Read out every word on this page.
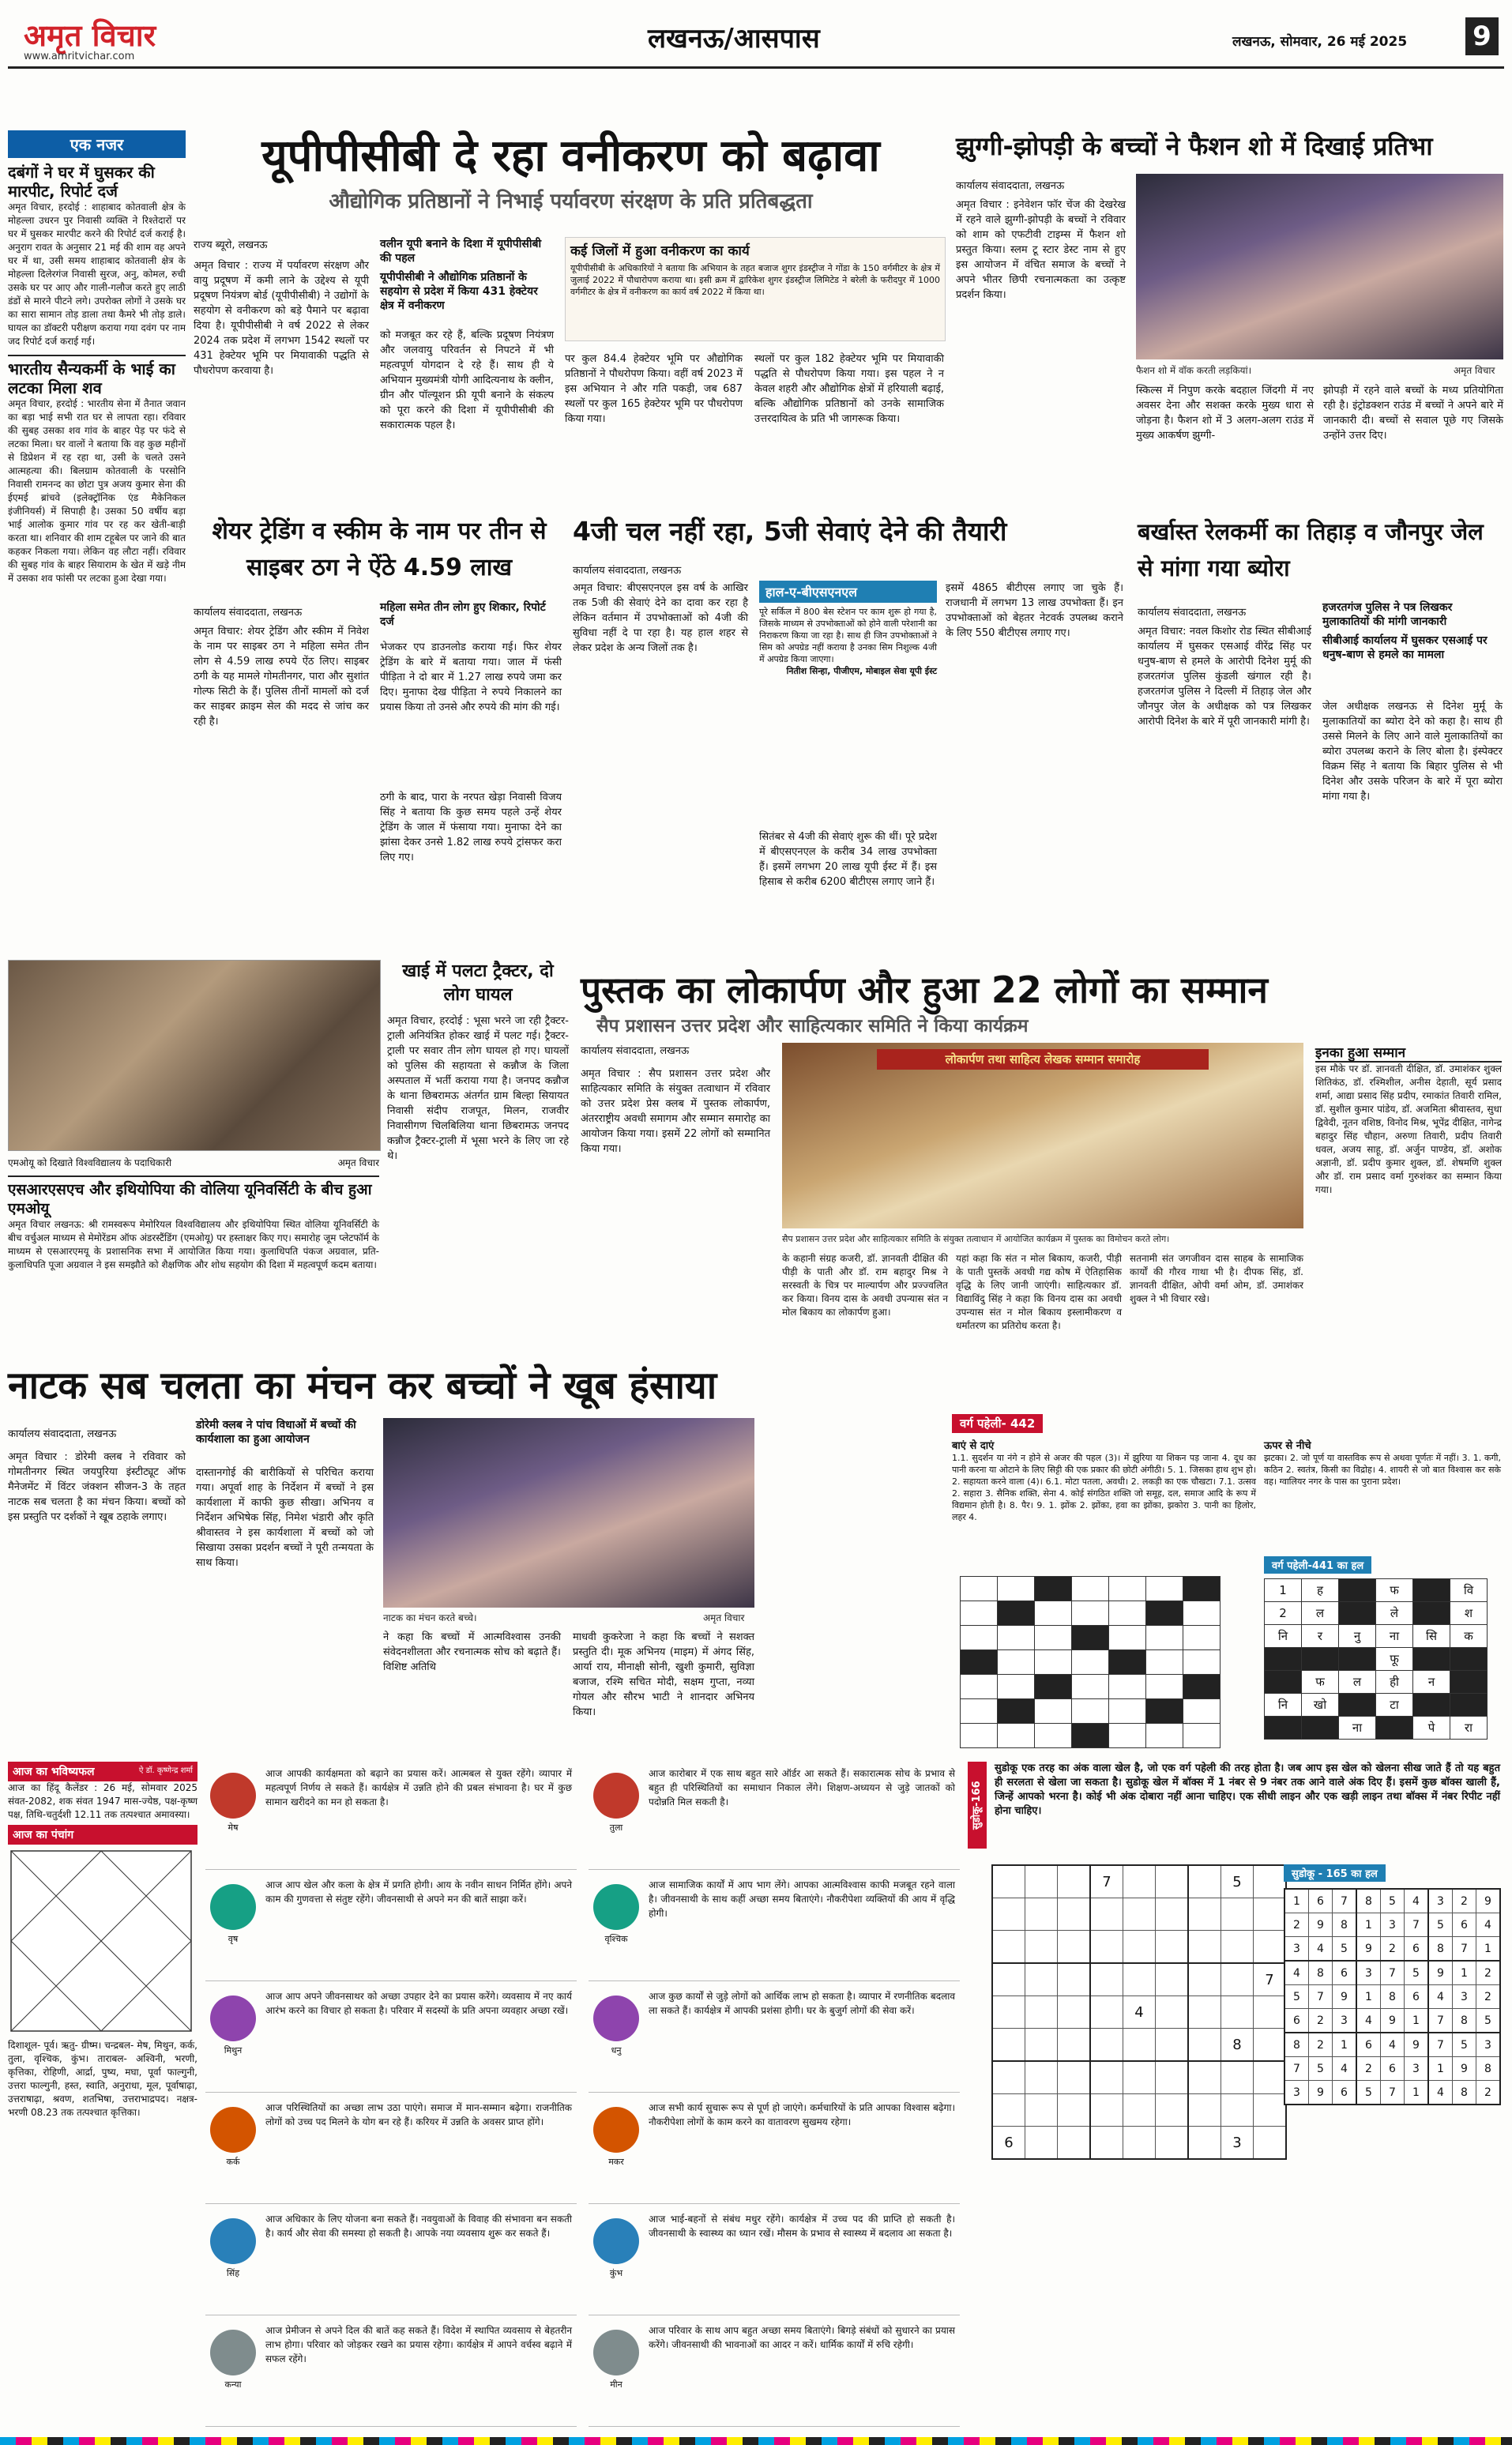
अमृत विचार
www.amritvichar.com
लखनऊ/आसपास	लखनऊ, सोमवार, 26 मई 2025 9
एक नजर
दबंगों ने घर में घुसकर की मारपीट, रिपोर्ट दर्ज
अमृत विचार, हरदोई : शाहाबाद कोतवाली क्षेत्र के मोहल्ला उधरन पुर निवासी व्यक्ति ने रिश्तेदारों पर घर में घुसकर मारपीट करने की रिपोर्ट दर्ज कराई है। अनुराग रावत के अनुसार 21 मई की शाम वह अपने घर में था, उसी समय शाहाबाद कोतवाली क्षेत्र के मोहल्ला दिलेरगंज निवासी सुरज, अनु, कोमल, रुची उसके घर पर आए और गाली-गलौज करते हुए लाठी डंडों से मारने पीटने लगे। उपरोक्त लोगों ने उसके घर का सारा सामान तोड़ डाला तथा कैमरे भी तोड़ डाले। घायल का डॉक्टरी परीक्षण कराया गया दवंग पर नाम जद रिपोर्ट दर्ज कराई गई।
भारतीय सैन्यकर्मी के भाई का लटका मिला शव
अमृत विचार, हरदोई : भारतीय सेना में तैनात जवान का बड़ा भाई सभी रात घर से लापता रहा। रविवार की सुबह उसका शव गांव के बाहर पेड़ पर फंदे से लटका मिला। घर वालों ने बताया कि वह कुछ महीनों से डिप्रेशन में रह रहा था, उसी के चलते उसने आत्महत्या की। बिलग्राम कोतवाली के परसोनि निवासी रामनन्द का छोटा पुत्र अजय कुमार सेना की ईएमई ब्रांचवे (इलेक्ट्रॉनिक एंड मैकेनिकल इंजीनियर्स) में सिपाही है। उसका 50 वर्षीय बड़ा भाई आलोक कुमार गांव पर रह कर खेती-बाड़ी करता था। शनिवार की शाम टहूबेल पर जाने की बात कहकर निकला गया। लेकिन वह लौटा नहीं। रविवार की सुबह गांव के बाहर सियाराम के खेत में खड़े नीम में उसका शव फांसी पर लटका हुआ देखा गया।
यूपीपीसीबी दे रहा वनीकरण को बढ़ावा
औद्योगिक प्रतिष्ठानों ने निभाई पर्यावरण संरक्षण के प्रति प्रतिबद्धता
राज्य ब्यूरो, लखनऊ
अमृत विचार : राज्य में पर्यावरण संरक्षण और वायु प्रदूषण में कमी लाने के उद्देश्य से यूपी प्रदूषण नियंत्रण बोर्ड (यूपीपीसीबी) ने उद्योगों के सहयोग से वनीकरण को बड़े पैमाने पर बढ़ावा दिया है। यूपीपीसीबी ने वर्ष 2022 से लेकर 2024 तक प्रदेश में लगभग 1542 स्थलों पर 431 हेक्टेयर भूमि पर मियावाकी पद्धति से पौधरोपण करवाया है।
वलीन यूपी बनाने के दिशा में यूपीपीसीबी की पहल
यूपीपीसीबी ने औद्योगिक प्रतिष्ठानों के सहयोग से प्रदेश में किया 431 हेक्टेयर क्षेत्र में वनीकरण
को मजबूत कर रहे हैं, बल्कि प्रदूषण नियंत्रण और जलवायु परिवर्तन से निपटने में भी महत्वपूर्ण योगदान दे रहे हैं। साथ ही ये अभियान मुख्यमंत्री योगी आदित्यनाथ के क्लीन, ग्रीन और पॉल्यूशन फ्री यूपी बनाने के संकल्प को पूरा करने की दिशा में यूपीपीसीबी की सकारात्मक पहल है।
कई जिलों में हुआ वनीकरण का कार्य
यूपीपीसीबी के अधिकारियों ने बताया कि अभियान के तहत बजाज शुगर इंडस्ट्रीज ने गोंडा के 150 वर्गमीटर के क्षेत्र में जुलाई 2022 में पौधारोपण कराया था। इसी क्रम में द्वारिकेश शुगर इंडस्ट्रीज लिमिटेड ने बरेली के फरीदपुर में 1000 वर्गमीटर के क्षेत्र में वनीकरण का कार्य वर्ष 2022 में किया था।
पर कुल 84.4 हेक्टेयर भूमि पर औद्योगिक प्रतिष्ठानों ने पौधरोपण किया। वहीं वर्ष 2023 में इस अभियान ने और गति पकड़ी, जब 687 स्थलों पर कुल 165 हेक्टेयर भूमि पर पौधरोपण किया गया।
स्थलों पर कुल 182 हेक्टेयर भूमि पर मियावाकी पद्धति से पौधरोपण किया गया। इस पहल ने न केवल शहरी और औद्योगिक क्षेत्रों में हरियाली बढ़ाई, बल्कि औद्योगिक प्रतिष्ठानों को उनके सामाजिक उत्तरदायित्व के प्रति भी जागरूक किया।
झुग्गी-झोपड़ी के बच्चों ने फैशन शो में दिखाई प्रतिभा
कार्यालय संवाददाता, लखनऊ
अमृत विचार : इनेवेशन फॉर चेंज की देखरेख में रहने वाले झुग्गी-झोपड़ी के बच्चों ने रविवार को शाम को एफटीवी टाइम्स में फैशन शो प्रस्तुत किया। स्लम टू स्टार डेस्ट नाम से हुए इस आयोजन में वंचित समाज के बच्चों ने अपने भीतर छिपी रचनात्मकता का उत्कृष्ट प्रदर्शन किया।
फैशन शो में वॉक करती लड़कियां।	अमृत विचार
स्किल्स में निपुण करके बदहाल जिंदगी में नए अवसर देना और सशक्त करके मुख्य धारा से जोड़ना है। फैशन शो में 3 अलग-अलग राउंड में मुख्य आकर्षण झुग्गी-
झोपड़ी में रहने वाले बच्चों के मध्य प्रतियोगिता रही है। इंट्रोडक्शन राउंड में बच्चों ने अपने बारे में जानकारी दी। बच्चों से सवाल पूछे गए जिसके उन्होंने उत्तर दिए।
शेयर ट्रेडिंग व स्कीम के नाम पर तीन से साइबर ठग ने ऐंठे 4.59 लाख
कार्यालय संवाददाता, लखनऊ
अमृत विचार: शेयर ट्रेडिंग और स्कीम में निवेश के नाम पर साइबर ठग ने महिला समेत तीन लोग से 4.59 लाख रुपये ऐंठ लिए। साइबर ठगी के यह मामले गोमतीनगर, पारा और सुशांत गोल्फ सिटी के हैं। पुलिस तीनों मामलों को दर्ज कर साइबर क्राइम सेल की मदद से जांच कर रही है।
महिला समेत तीन लोग हुए शिकार, रिपोर्ट दर्ज
भेजकर एप डाउनलोड कराया गई। फिर शेयर ट्रेडिंग के बारे में बताया गया। जाल में फंसी पीड़िता ने दो बार में 1.27 लाख रुपये जमा कर दिए। मुनाफा देख पीड़िता ने रुपये निकालने का प्रयास किया तो उनसे और रुपये की मांग की गई।
ठगी के बाद, पारा के नरपत खेड़ा निवासी विजय सिंह ने बताया कि कुछ समय पहले उन्हें शेयर ट्रेडिंग के जाल में फंसाया गया। मुनाफा देने का झांसा देकर उनसे 1.82 लाख रुपये ट्रांसफर करा लिए गए।
4जी चल नहीं रहा, 5जी सेवाएं देने की तैयारी
कार्यालय संवाददाता, लखनऊ
अमृत विचार: बीएसएनएल इस वर्ष के आखिर तक 5जी की सेवाएं देने का दावा कर रहा है लेकिन वर्तमान में उपभोक्ताओं को 4जी की सुविधा नहीं दे पा रहा है। यह हाल शहर से लेकर प्रदेश के अन्य जिलों तक है।
हाल-ए-बीएसएनएल
पूरे सर्किल में 800 बेस स्टेशन पर काम शुरू हो गया है, जिसके माध्यम से उपभोक्ताओं को होने वाली परेशानी का निराकरण किया जा रहा है। साथ ही जिन उपभोक्ताओं ने सिम को अपग्रेड नहीं कराया है उनका सिम निशुल्क 4जी में अपग्रेड किया जाएगा।
नितीश सिन्हा, पीजीएम, मोबाइल सेवा यूपी ईस्ट
सितंबर से 4जी की सेवाएं शुरू की थीं। पूरे प्रदेश में बीएसएनएल के करीब 34 लाख उपभोक्ता हैं। इसमें लगभग 20 लाख यूपी ईस्ट में हैं। इस हिसाब से करीब 6200 बीटीएस लगाए जाने हैं।
इसमें 4865 बीटीएस लगाए जा चुके हैं। राजधानी में लगभग 13 लाख उपभोक्ता हैं। इन उपभोक्ताओं को बेहतर नेटवर्क उपलब्ध कराने के लिए 550 बीटीएस लगाए गए।
बर्खास्त रेलकर्मी का तिहाड़ व जौनपुर जेल से मांगा गया ब्योरा
कार्यालय संवाददाता, लखनऊ
अमृत विचार: नवल किशोर रोड स्थित सीबीआई कार्यालय में घुसकर एसआई वीरेंद्र सिंह पर धनुष-बाण से हमले के आरोपी दिनेश मुर्मू की हजरतगंज पुलिस कुंडली खंगाल रही है। हजरतगंज पुलिस ने दिल्ली में तिहाड़ जेल और जौनपुर जेल के अधीक्षक को पत्र लिखकर आरोपी दिनेश के बारे में पूरी जानकारी मांगी है।
हजरतगंज पुलिस ने पत्र लिखकर मुलाकातियों की मांगी जानकारी
सीबीआई कार्यालय में घुसकर एसआई पर धनुष-बाण से हमले का मामला
जेल अधीक्षक लखनऊ से दिनेश मुर्मू के मुलाकातियों का ब्योरा देने को कहा है। साथ ही उससे मिलने के लिए आने वाले मुलाकातियों का ब्योरा उपलब्ध कराने के लिए बोला है। इंस्पेक्टर विक्रम सिंह ने बताया कि बिहार पुलिस से भी दिनेश और उसके परिजन के बारे में पूरा ब्योरा मांगा गया है।
एमओयू को दिखाते विश्वविद्यालय के पदाधिकारी	अमृत विचार
एसआरएसएच और इथियोपिया की वोलिया यूनिवर्सिटी के बीच हुआ एमओयू
अमृत विचार लखनऊ: श्री रामस्वरूप मेमोरियल विश्वविद्यालय और इथियोपिया स्थित वोलिया यूनिवर्सिटी के बीच वर्चुअल माध्यम से मेमोरेंडम ऑफ अंडरस्टैंडिंग (एमओयू) पर हस्ताक्षर किए गए। समारोह जूम प्लेटफॉर्म के माध्यम से एसआरएमयू के प्रशासनिक सभा में आयोजित किया गया। कुलाधिपति पंकज अग्रवाल, प्रति-कुलाधिपति पूजा अग्रवाल ने इस समझौते को शैक्षणिक और शोध सहयोग की दिशा में महत्वपूर्ण कदम बताया।
खाई में पलटा ट्रैक्टर, दो लोग घायल
अमृत विचार, हरदोई : भूसा भरने जा रही ट्रैक्टर-ट्राली अनियंत्रित होकर खाई में पलट गई। ट्रैक्टर-ट्राली पर सवार तीन लोग घायल हो गए। घायलों को पुलिस की सहायता से कन्नौज के जिला अस्पताल में भर्ती कराया गया है। जनपद कन्नौज के थाना छिबरामऊ अंतर्गत ग्राम बिल्हा सियायत निवासी संदीप राजपूत, मिलन, राजवीर निवासीगण चिलबिलिया थाना छिबरामऊ जनपद कन्नौज ट्रैक्टर-ट्राली में भूसा भरने के लिए जा रहे थे।
पुस्तक का लोकार्पण और हुआ 22 लोगों का सम्मान
सैप प्रशासन उत्तर प्रदेश और साहित्यकार समिति ने किया कार्यक्रम
कार्यालय संवाददाता, लखनऊ
अमृत विचार : सैप प्रशासन उत्तर प्रदेश और साहित्यकार समिति के संयुक्त तत्वाधान में रविवार को उत्तर प्रदेश प्रेस क्लब में पुस्तक लोकार्पण, अंतरराष्ट्रीय अवधी समागम और सम्मान समारोह का आयोजन किया गया। इसमें 22 लोगों को सम्मानित किया गया।
लोकार्पण तथा साहित्य लेखक सम्मान समारोह
सैप प्रशासन उत्तर प्रदेश और साहित्यकार समिति के संयुक्त तत्वाधान में आयोजित कार्यक्रम में पुस्तक का विमोचन करते लोग।
के कहानी संग्रह कजरी, डॉ. ज्ञानवती दीक्षित की पीड़ी के पाती और डॉ. राम बहादुर मिश्र ने सरस्वती के चित्र पर माल्यार्पण और प्रज्ज्वलित कर किया। विनय दास के अवधी उपन्यास संत न मोल बिकाय का लोकार्पण हुआ।
यहां कहा कि संत न मोल बिकाय, कजरी, पीड़ी के पाती पुस्तकें अवधी गद्य कोष में ऐतिहासिक वृद्धि के लिए जानी जाएंगी। साहित्यकार डॉ. विद्याविंदु सिंह ने कहा कि विनय दास का अवधी उपन्यास संत न मोल बिकाय इस्लामीकरण व धर्मांतरण का प्रतिरोध करता है।
सतनामी संत जगजीवन दास साहब के सामाजिक कार्यों की गौरव गाथा भी है। दीपक सिंह, डॉ. ज्ञानवती दीक्षित, ओपी वर्मा ओम, डॉ. उमाशंकर शुक्ल ने भी विचार रखे।
इनका हुआ सम्मान
इस मौके पर डॉ. ज्ञानवती दीक्षित, डॉ. उमाशंकर शुक्ल शितिकंठ, डॉ. रश्मिशील, अनीस देहाती, सूर्य प्रसाद शर्मा, आद्या प्रसाद सिंह प्रदीप, रमाकांत तिवारी रामिल, डॉ. सुशील कुमार पांडेय, डॉ. अजमिता श्रीवास्तव, सुधा द्विवेदी, नूतन वशिष्ठ, विनोद मिश्र, भूपेंद्र दीक्षित, नागेन्द्र बहादुर सिंह चौहान, अरुणा तिवारी, प्रदीप तिवारी धवल, अजय साहू, डॉ. अर्जुन पाण्डेय, डॉ. अशोक अज्ञानी, डॉ. प्रदीप कुमार शुक्ल, डॉ. शेषमणि शुक्ल और डॉ. राम प्रसाद वर्मा गुरुशंकर का सम्मान किया गया।
नाटक सब चलता का मंचन कर बच्चों ने खूब हंसाया
कार्यालय संवाददाता, लखनऊ
अमृत विचार : डोरेमी क्लब ने रविवार को गोमतीनगर स्थित जयपुरिया इंस्टीट्यूट ऑफ मैनेजमेंट में विंटर जंक्शन सीजन-3 के तहत नाटक सब चलता है का मंचन किया। बच्चों को इस प्रस्तुति पर दर्शकों ने खूब ठहाके लगाए।
डोरेमी क्लब ने पांच विधाओं में बच्चों की कार्यशाला का हुआ आयोजन
दास्तानगोई की बारीकियों से परिचित कराया गया। अपूर्वा शाह के निर्देशन में बच्चों ने इस कार्यशाला में काफी कुछ सीखा। अभिनय व निर्देशन अभिषेक सिंह, निमेश भंडारी और कृति श्रीवास्तव ने इस कार्यशाला में बच्चों को जो सिखाया उसका प्रदर्शन बच्चों ने पूरी तन्मयता के साथ किया।
नाटक का मंचन करते बच्चे।	अमृत विचार
ने कहा कि बच्चों में आत्मविश्वास उनकी संवेदनशीलता और रचनात्मक सोच को बढ़ाते हैं। विशिष्ट अतिथि
माधवी कुकरेजा ने कहा कि बच्चों ने सशक्त प्रस्तुति दी। मूक अभिनय (माइम) में अंगद सिंह, आर्या राय, मीनाक्षी सोनी, खुशी कुमारी, सुविज्ञा बजाज, रश्मि सचित मोदी, सक्षम गुप्ता, नव्या गोयल और सौरभ भाटी ने शानदार अभिनय किया।
वर्ग पहेली- 442
बाएं से दाएं
1.1. सुदर्शन या नंगे न होने से अजर की पहल (3)। में झुरिया या शिकन पड़ जाना 4. दूध का पानी करना या ओटाने के लिए सिट्टी की एक प्रकार की छोटी अंगीठी। 5. 1. जिसका हाथ शुभ हो। 2. सहायता करने वाला (4)। 6.1. मोटा पतला, अवधी। 2. लकड़ी का एक चौखटा। 7.1. उत्सव 2. सहारा 3. सैनिक शक्ति, सेना 4. कोई संगठित शक्ति जो समूह, दल, समाज आदि के रूप में विद्यमान होती है। 8. पैर। 9. 1. झोंक 2. झोंका, हवा का झोंका, झकोरा 3. पानी का हिलोर, लहर 4.
ऊपर से नीचे
झटका। 2. जो पूर्ण या वास्तविक रूप से अथवा पूर्णतः में नहीं। 3. 1. कगी, कठिन 2. स्वतंत्र, किसी का विद्रोह। 4. शायरी से जो बात विश्वास कर सके वह। ग्वालियर नगर के पास का पुराना प्रदेश।

वर्ग पहेली-441 का हल
1	ह		फ		वि
2	ल		ले		श
नि	र	नु	ना	सि	क
			फू		
	फ	ल	ही	न	
नि	खो		टा		
		ना		पे	रा
आज का भविष्यफल	ऐ डॉ. कृष्णेन्द्र शर्मा
आज का हिंदू कैलेंडर : 26 मई, सोमवार 2025 संवत-2082, शक संवत 1947 मास-ज्येष्ठ, पक्ष-कृष्ण पक्ष, तिथि-चतुर्दशी 12.11 तक तत्पश्चात अमावस्या।
आज का पंचांग
दिशाशूल- पूर्व। ऋतु- ग्रीष्म। चन्द्रबल- मेष, मिथुन, कर्क, तुला, वृश्चिक, कुंभ। ताराबल- अश्विनी, भरणी, कृत्तिका, रोहिणी, आर्द्रा, पुष्य, मघा, पूर्वा फाल्गुनी, उत्तरा फाल्गुनी, हस्त, स्वाति, अनुराधा, मूल, पूर्वाषाढ़ा, उत्तराषाढ़ा, श्रवण, शतभिषा, उत्तराभाद्रपद। नक्षत्र- भरणी 08.23 तक तत्पश्चात कृत्तिका।
मेष
आज आपकी कार्यक्षमता को बढ़ाने का प्रयास करें। आत्मबल से युक्त रहेंगे। व्यापार में महत्वपूर्ण निर्णय ले सकते हैं। कार्यक्षेत्र में उन्नति होने की प्रबल संभावना है। घर में कुछ सामान खरीदने का मन हो सकता है।
वृष
आज आप खेल और कला के क्षेत्र में प्रगति होगी। आय के नवीन साधन निर्मित होंगे। अपने काम की गुणवत्ता से संतुष्ट रहेंगे। जीवनसाथी से अपने मन की बातें साझा करें।
मिथुन
आज आप अपने जीवनसाथर को अच्छा उपहार देने का प्रयास करेंगे। व्यवसाय में नए कार्य आरंभ करने का विचार हो सकता है। परिवार में सदस्यों के प्रति अपना व्यवहार अच्छा रखें।
कर्क
आज परिस्थितियों का अच्छा लाभ उठा पाएंगे। समाज में मान-सम्मान बढ़ेगा। राजनीतिक लोगों को उच्च पद मिलने के योग बन रहे हैं। करियर में उन्नति के अवसर प्राप्त होंगे।
सिंह
आज अधिकार के लिए योजना बना सकते हैं। नवयुवाओं के विवाह की संभावना बन सकती है। कार्य और सेवा की समस्या हो सकती है। आपके नया व्यवसाय शुरू कर सकते हैं।
कन्या
आज प्रेमीजन से अपने दिल की बातें कह सकते हैं। विदेश में स्थापित व्यवसाय से बेहतरीन लाभ होगा। परिवार को जोड़कर रखने का प्रयास रहेगा। कार्यक्षेत्र में आपने वर्चस्व बढ़ाने में सफल रहेंगे।
तुला
आज कारोबार में एक साथ बहुत सारे ऑर्डर आ सकते हैं। सकारात्मक सोच के प्रभाव से बहुत ही परिस्थितियों का समाधान निकाल लेंगे। शिक्षण-अध्ययन से जुड़े जातकों को पदोन्नति मिल सकती है।
वृश्चिक
आज सामाजिक कार्यों में आप भाग लेंगे। आपका आत्मविश्वास काफी मजबूत रहने वाला है। जीवनसाथी के साथ कहीं अच्छा समय बिताएंगे। नौकरीपेशा व्यक्तियों की आय में वृद्धि होगी।
धनु
आज कुछ कार्यों से जुड़े लोगों को आर्थिक लाभ हो सकता है। व्यापार में रणनीतिक बदलाव ला सकते हैं। कार्यक्षेत्र में आपकी प्रशंसा होगी। घर के बुजुर्ग लोगों की सेवा करें।
मकर
आज सभी कार्य सुचारू रूप से पूर्ण हो जाएंगे। कर्मचारियों के प्रति आपका विश्वास बढ़ेगा। नौकरीपेशा लोगों के काम करने का वातावरण सुखमय रहेगा।
कुंभ
आज भाई-बहनों से संबंध मधुर रहेंगे। कार्यक्षेत्र में उच्च पद की प्राप्ति हो सकती है। जीवनसाथी के स्वास्थ्य का ध्यान रखें। मौसम के प्रभाव से स्वास्थ्य में बदलाव आ सकता है।
मीन
आज परिवार के साथ आप बहुत अच्छा समय बिताएंगे। बिगड़े संबंधों को सुधारने का प्रयास करेंगे। जीवनसाथी की भावनाओं का आदर न करें। धार्मिक कार्यों में रुचि रहेगी।
सुडोकू-166
सुडोकू एक तरह का अंक वाला खेल है, जो एक वर्ग पहेली की तरह होता है। जब आप इस खेल को खेलना सीख जाते हैं तो यह बहुत ही सरलता से खेला जा सकता है। सुडोकू खेल में बॉक्स में 1 नंबर से 9 नंबर तक आने वाले अंक दिए हैं। इसमें कुछ बॉक्स खाली हैं, जिन्हें आपको भरना है। कोई भी अंक दोबारा नहीं आना चाहिए। एक सीधी लाइन और एक खड़ी लाइन तथा बॉक्स में नंबर रिपीट नहीं होना चाहिए।
			7				5	

								7
				4				
							8	

6							3	
सुडोकू - 165 का हल
1	6	7	8	5	4	3	2	9
2	9	8	1	3	7	5	6	4
3	4	5	9	2	6	8	7	1
4	8	6	3	7	5	9	1	2
5	7	9	1	8	6	4	3	2
6	2	3	4	9	1	7	8	5
8	2	1	6	4	9	7	5	3
7	5	4	2	6	3	1	9	8
3	9	6	5	7	1	4	8	2
